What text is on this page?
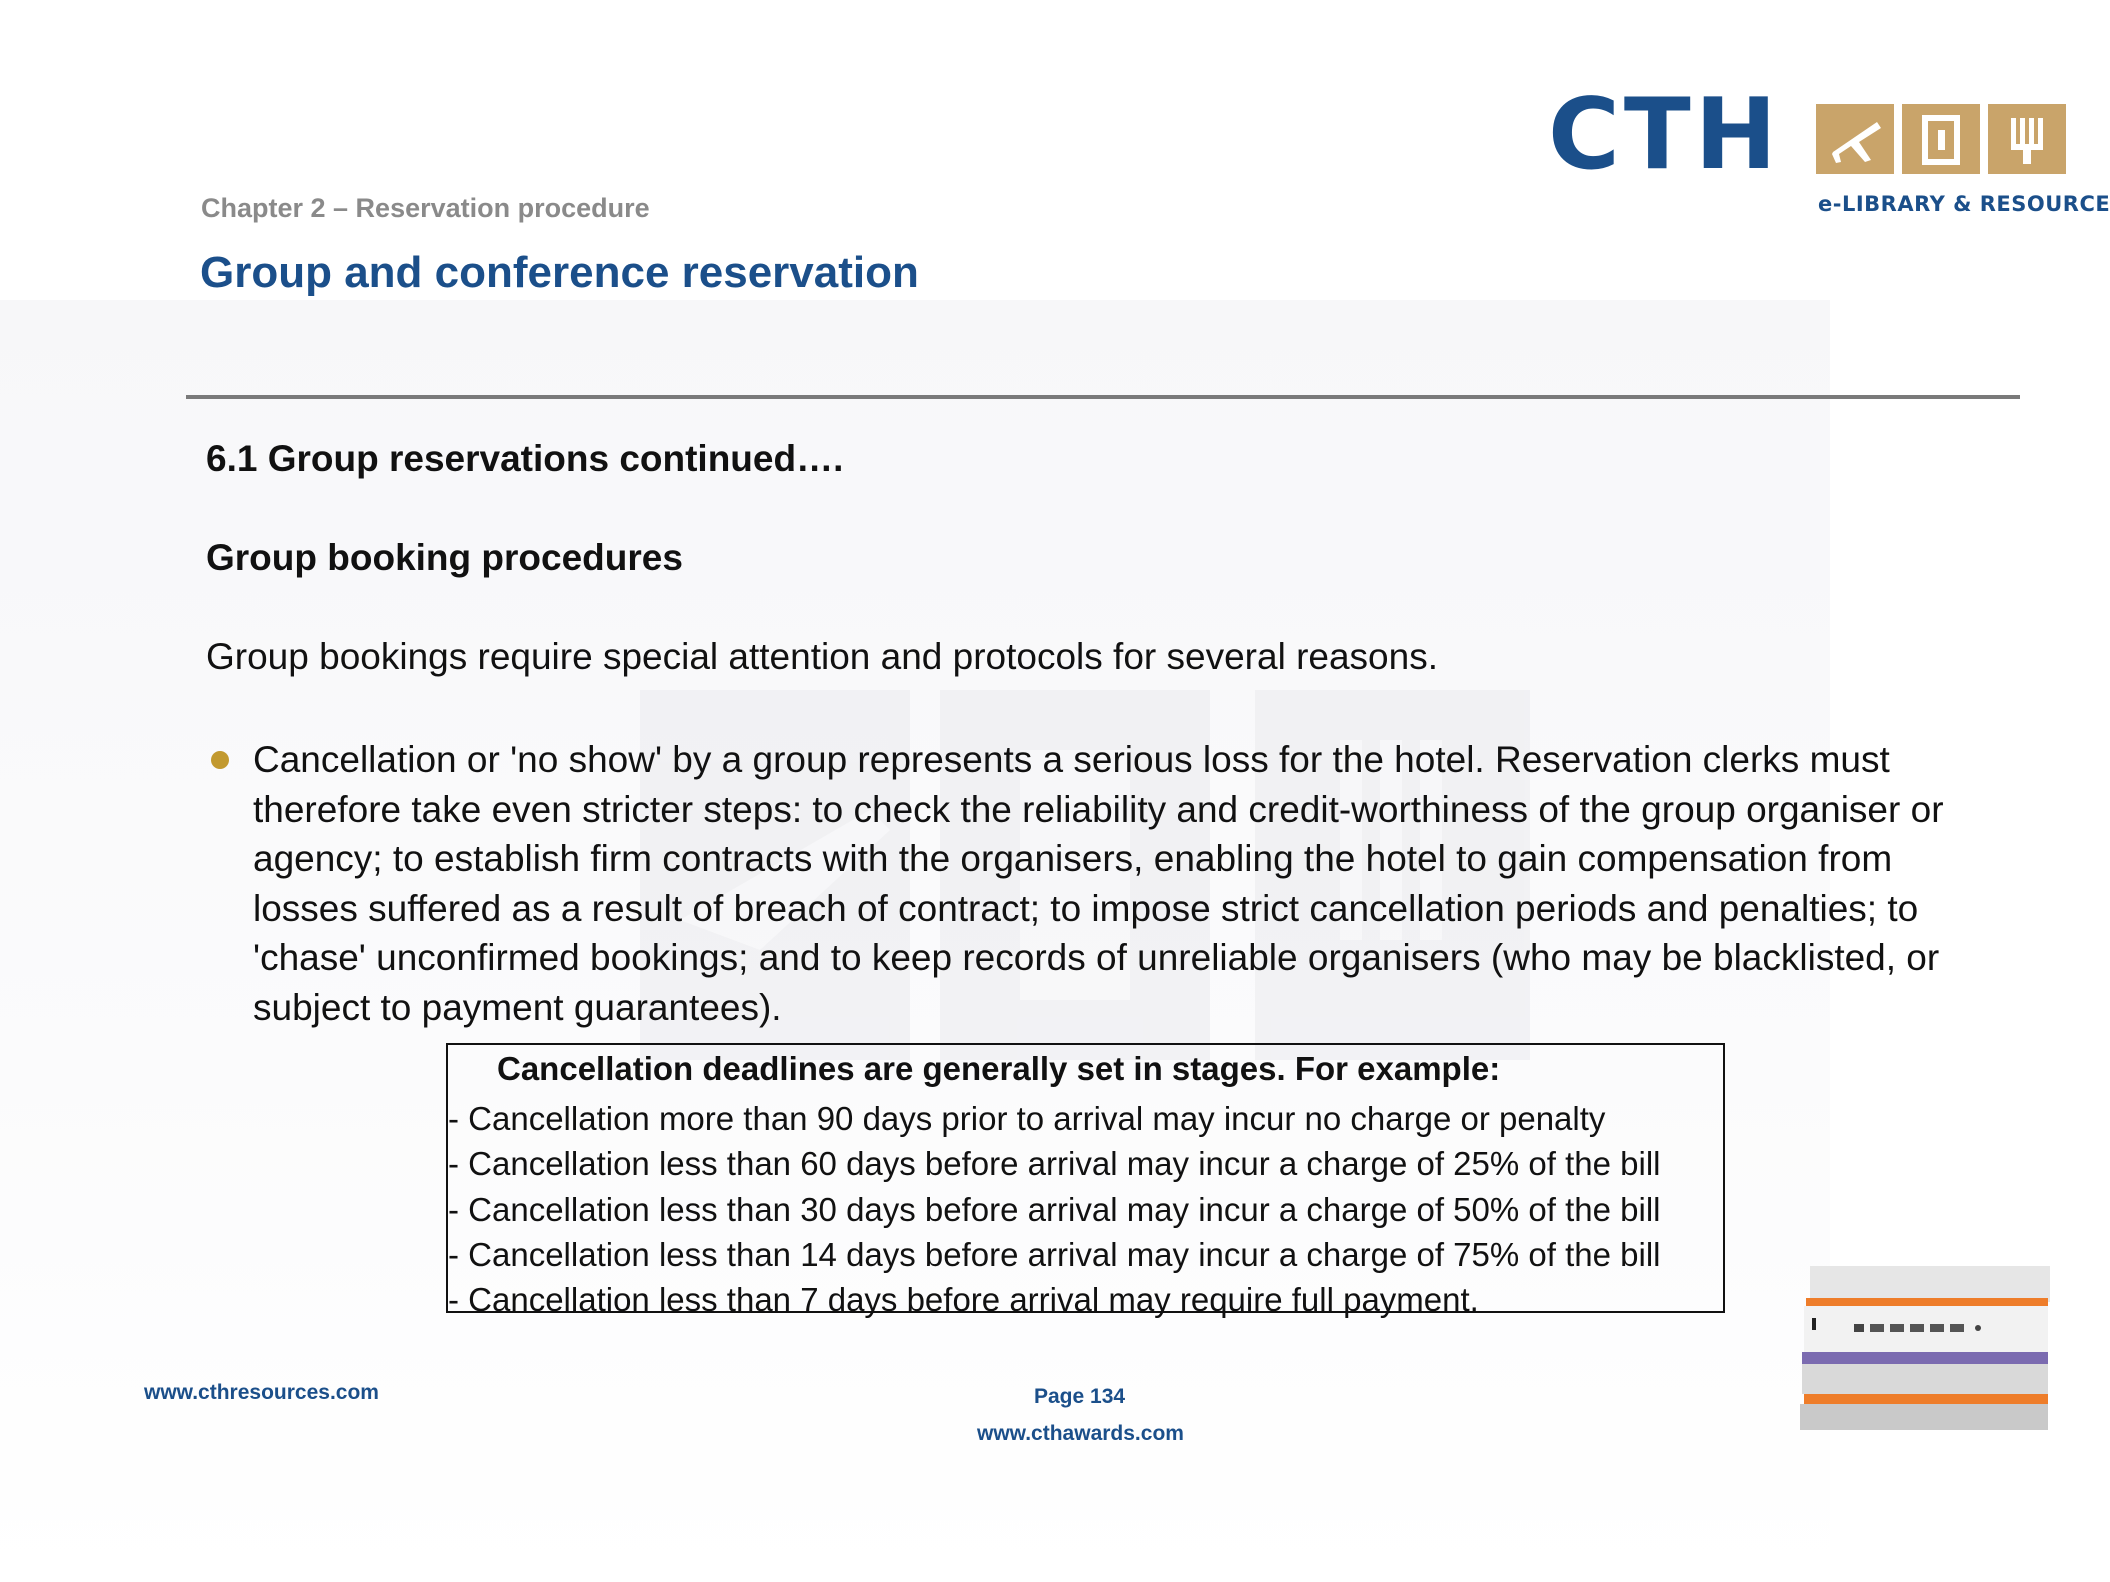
CTH
e-LIBRARY & RESOURCE
Chapter 2 – Reservation procedure
Group and conference reservation
6.1 Group reservations continued….
Group booking procedures

Group bookings require special attention and protocols for several reasons.

Cancellation or 'no show' by a group represents a serious loss for the hotel. Reservation clerks must therefore take even stricter steps: to check the reliability and credit-worthiness of the group organiser or agency; to establish firm contracts with the organisers, enabling the hotel to gain compensation from losses suffered as a result of breach of contract; to impose strict cancellation periods and penalties; to 'chase' unconfirmed bookings; and to keep records of unreliable organisers (who may be blacklisted, or subject to payment guarantees).

Cancellation deadlines are generally set in stages. For example:
- Cancellation more than 90 days prior to arrival may incur no charge or penalty
- Cancellation less than 60 days before arrival may incur a charge of 25% of the bill
- Cancellation less than 30 days before arrival may incur a charge of 50% of the bill
- Cancellation less than 14 days before arrival may incur a charge of 75% of the bill
- Cancellation less than 7 days before arrival may require full payment.
www.cthresources.com	Page 134
www.cthawards.com
